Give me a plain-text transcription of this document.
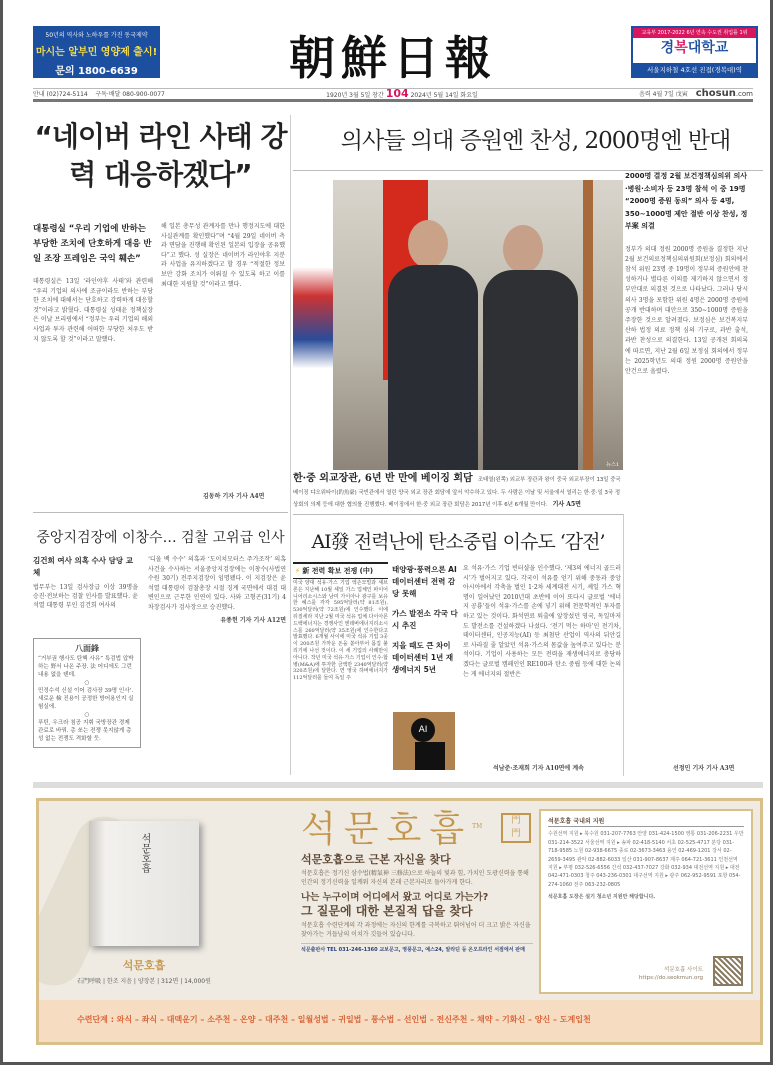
50년의 역사와 노하우를 가진 동국제약
마시는 알부민 영양제 출시!
문의 1800-6639	朝鮮日報	교육부 2017-2022 6년 연속 수도권 취업률 1위
경복대학교
서울지하철 4호선 진접(경복대)역
안내 (02)724-5114
구독·배달 080-900-0077	1920년 3월 5일 창간 104 2024년 5월 14일 화요일	음력 4월 7일 戊寅 chosun.com
“네이버 라인 사태 강력 대응하겠다”
대통령실 “우리 기업에 반하는 부당한 조치에 단호하게 대응 반일 조장 프레임은 국익 훼손”
대통령실은 13일 ‘라인야후 사태’와 관련해 “우리 기업의 의사에 조금이라도 반하는 부당한 조치에 대해서는 단호하고 강력하게 대응할 것”이라고 밝혔다. 대통령실 성태윤 정책실장은 이날 브리핑에서 “정부는 우리 기업의 해외 사업과 투자 관련해 어떠한 부당한 처우도 받지 않도록 할 것”이라고 말했다.
해 일본 총무성 관계자를 만나 행정지도에 대한 사실관계를 확인했다”며 “4월 29일 네이버 측과 면담을 진행해 확인된 일본의 입장을 공유했다”고 했다. 성 실장은 네이버가 라인야후 지분과 사업을 유지하겠다고 할 경우 “적절한 정보 보안 강화 조치가 이뤄질 수 있도록 하고 이를 최대한 지원할 것”이라고 했다.
김동하 기자 기사 A4면
중앙지검장에 이창수… 검찰 고위급 인사
김건희 여사 의혹 수사 담당 교체
법무부는 13일 검사장급 이상 39명을 승진·전보하는 검찰 인사를 발표했다. 윤석열 대통령 부인 김건희 여사의
‘디올 백 수수’ 의혹과 ‘도이치모터스 주가조작’ 의혹 사건을 수사하는 서울중앙지검장에는 이창수(사법연수원 30기) 전주지검장이 임명됐다. 이 지검장은 윤석열 대통령이 검찰총장 시절 징계 국면에서 대검 대변인으로 근무한 인연이 있다. 사와 고형곤(31기) 4차장검사가 검사장으로 승진했다.
유종헌 기자 기사 A12면
八面鋒
“거부권 행사도 탄핵 사유” 특검법 압박하는 野서 나온 주장. 法 어디에도 그런 내용 없을 텐데.
○
민정수석 신설 이어 검사장 39명 인사’. 새로운 檢 진용이 공정한 방어용인지 실험실에.
○
푸틴, 우크라 침공 지휘 국방장관 경제 관료로 바꿔. 총 쏘는 전쟁 못지않게 총성 없는 전쟁도 격화할 듯.
의사들 의대 증원엔 찬성, 2000명엔 반대
뉴스1
한·중 외교장관, 6년 반 만에 베이징 회담 조태열(왼쪽) 외교부 장관과 왕이 중국 외교부장이 13일 중국 베이징 댜오위타이(釣魚臺) 국빈관에서 열린 양국 외교 장관 회담에 앞서 악수하고 있다. 두 사람은 이날 및 서울에서 열리는 한·중·일 3국 정상회의 의제 등에 대한 협의를 진행했다. 베이징에서 한·중 외교 장관 회담은 2017년 이후 6년 6개월 만이다. 기사 A5면
2000명 결정 2월 보건정책심의위 의사·병원·소비자 등 23명 참석 이 중 19명 “2000명 증원 동의” 의사 등 4명, 350~1000명 제안 절반 이상 찬성, 정부案 의결
정부가 의대 정원 2000명 증원을 결정한 지난 2월 보건의료정책심의위원회(보정심) 회의에서 참석 위원 23명 중 19명이 정부의 증원안에 찬성하거나 별다른 이의를 제기하지 않으면서 정부안대로 의결된 것으로 나타났다. 그러나 당시 의사 3명을 포함한 위원 4명은 2000명 증원에 공개 반대하며 대안으로 350~1000명 증원을 주장한 것으로 알려졌다. 보정심은 보건복지부 산하 법정 의료 정책 심의 기구로, 과반 출석, 과반 찬성으로 의결한다. 13일 공개된 회의록에 따르면, 지난 2월 6일 보정심 회의에서 정부는 2025학년도 의대 정원 2000명 증원안을 안건으로 올렸다.
선정민 기자 기사 A3면
AI發 전력난에 탄소중립 이슈도 ‘감전’
⚡ 新 전력 확보 전쟁 (中)
미국 양대 석유·가스 기업 엑손모빌과 셰브론은 지난해 10월 셰일 가스 업체인 파이어니어리소시스와 남미 가이아나 광구를 보유한 헤스를 각각 595억달러(약 81조원), 530억달러(약 72조원)에 인수했다. 이에 뒤질세라 지난 2월 미국 석유 업체 다이아몬드백에너지는 경쟁사인 엔데버에너지리소시스를 260억달러(약 35조원)에 인수한다고 발표했다. 6개월 사이에 미국 석유 기업 3곳이 200조원 가까운 돈을 쏟아부어 몸집 불리기에 나선 것이다. 이 세 기업의 사례만이 아니다. 작년 미국 석유·가스 기업이 인수·합병(M&A)에 투자한 금액만 2340억달러(약 320조원)에 달한다. 연 영국 하버에너지가 112억달러를 들여 독일 주
태양광·풍력으론 AI 데이터센터 전력 감당 못해
가스 발전소 각국 다시 추진
지을 때도 큰 차이 데이터센터 1년 재생에너지 5년
AI
요 석유·가스 기업 빈터샬을 인수했다. ‘제3의 에너지 골드러시’가 벌어지고 있다. 각국이 석유를 얻기 위해 중동과 중앙아시아에서 각축을 벌인 1·2차 세계대전 시기, 셰일 가스 혁명이 일어났던 2010년대 초반에 이어 또다시 글로벌 ‘에너지 공룡’들이 석유·가스를 손에 넣기 위해 천문학적인 투자를 하고 있는 것이다. 화석연료 퇴출에 앞장섰던 영국, 독일마저도 발전소를 건설하겠다 나섰다. ‘전기 먹는 하마’인 전기차, 데이터센터, 인공지능(AI) 등 최첨단 산업이 역사의 뒤안길로 사라질 줄 알았던 석유·가스의 몸값을 높여주고 있다는 분석이다. 기업이 사용하는 모든 전력을 재생에너지로 충당하겠다는 글로벌 캠페인인 RE100과 탄소 중립 등에 대한 논의는 게 에너지의 절반은
석남준·조재희 기자 A10면에 계속
석문호흡
석문호흡
石門呼吸 | 한조 지음 | 양장본 | 312면 | 14,000원
석문호흡™
門
門
석문호흡으로 근본 자신을 찾다
석문호흡은 정기신 삼수법(精氣神 三修法)으로 하늘의 빛과 힘, 가치인 도광신력을 통해 인간의 정기신력을 일깨워 자신의 본래 근본자리로 돌아가게 한다.
나는 누구이며 어디에서 왔고 어디로 가는가?
그 질문에 대한 본질적 답을 찾다
석문호흡 수련단계의 각 과정에는 자신의 한계를 극복하고 뛰어넘어 더 크고 밝은 자신을 찾아가는 거듭남의 이치가 깃들어 있습니다.
석문출판사 TEL 031-246-1360 교보문고, 영풍문고, 예스24, 알라딘 등 온오프라인 서점에서 판매
석문호흡 국내외 지원
수원선역 지원 ▸ 북수원 031-207-7763 안양 031-424-1500 영통 031-206-2231 우만 031-214-3522 서울선역 지원 ▸ 송파 02-418-5140 서초 02-525-4717 분당 031-718-9585 노원 02-938-6675 종로 02-3673-3463 용인 02-469-1201 강서 02-2659-3495 관악 02-882-6033 일산 031-907-8637 제주 064-721-3611 인천선역 지원 ▸ 부평 032-526-6556 간석 032-437-7027 강화 032-934 대전선역 지원 ▸ 대전 042-471-0303 청주 043-236-0301 대구선역 지원 ▸ 광주 062-952-9591 포항 054-274-1060 전주 063-232-0805
석문호흡 도장은 설기 청소년 지원만 해당합니다.
석문호흡 사이트
https://do.seokmun.org
수련단계 : 와식 – 좌식 – 대맥운기 – 소주천 – 온양 – 대주천 – 일월성법 – 귀일법 – 풍수법 – 선인법 – 전신주천 – 채약 – 기화신 – 양신 – 도계입천
